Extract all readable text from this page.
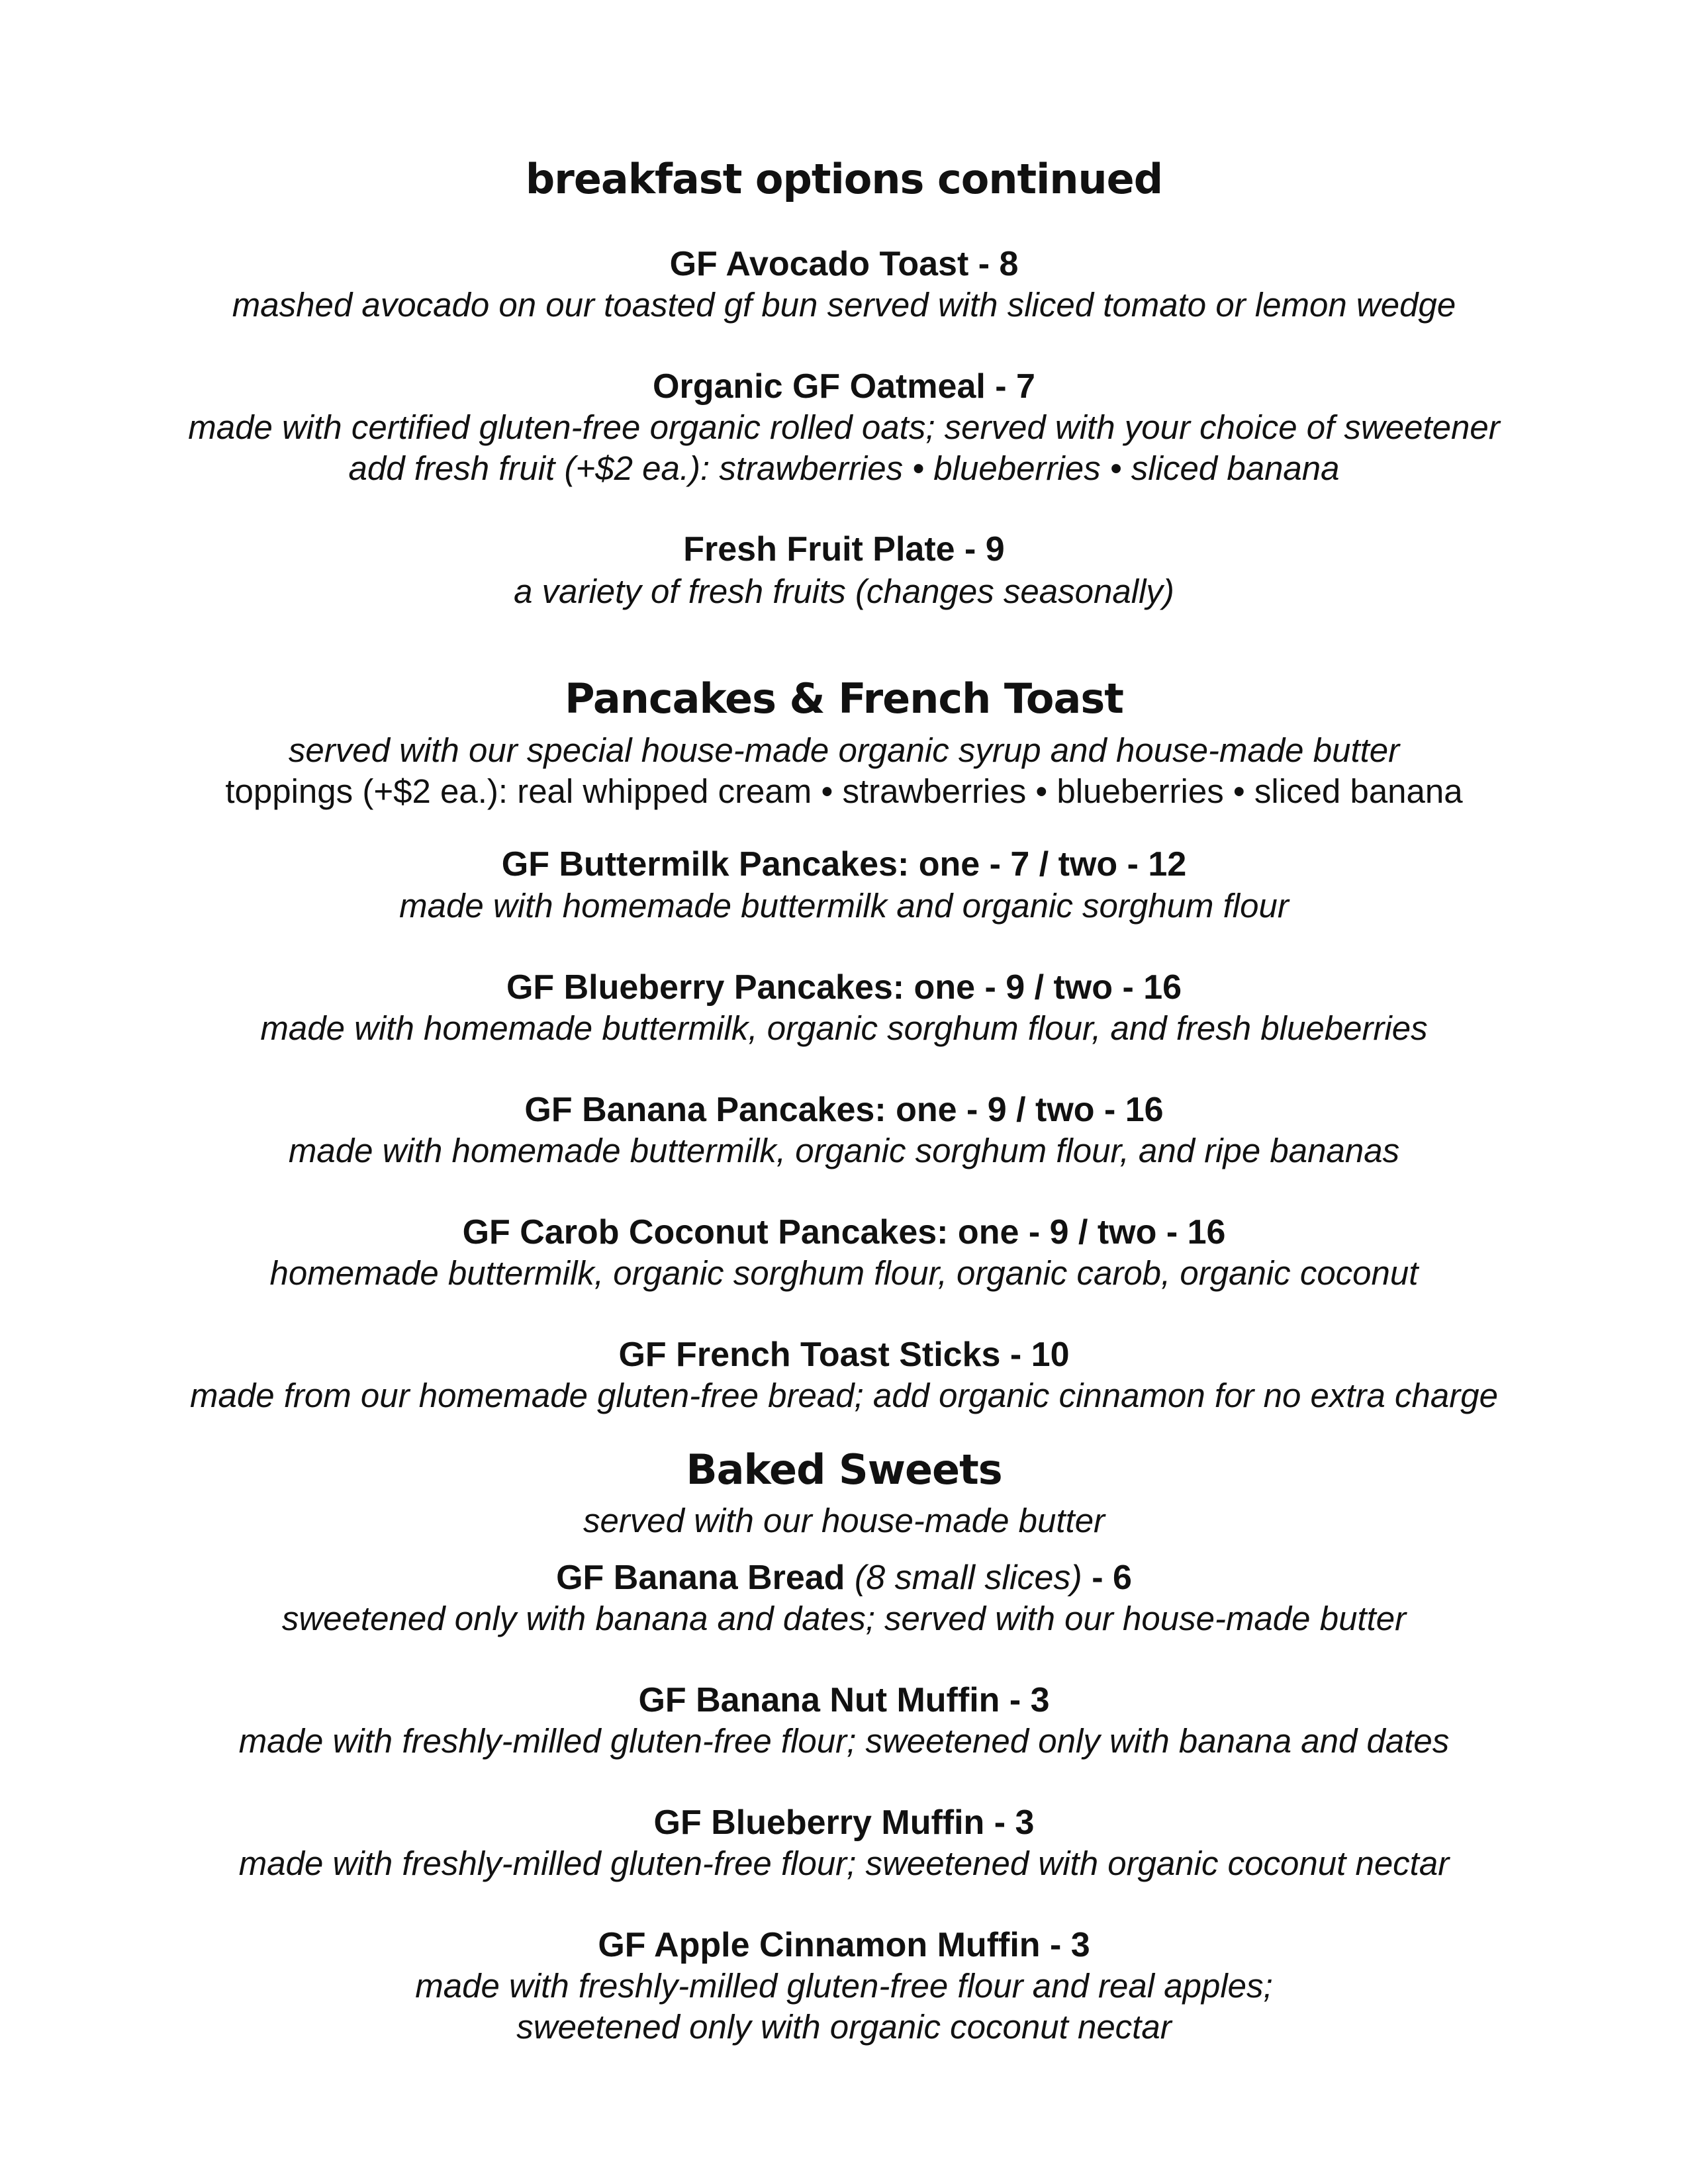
breakfast options continued
GF Avocado Toast - 8
mashed avocado on our toasted gf bun served with sliced tomato or lemon wedge
Organic GF Oatmeal - 7
made with certified gluten-free organic rolled oats; served with your choice of sweetener
add fresh fruit (+$2 ea.): strawberries • blueberries • sliced banana
Fresh Fruit Plate - 9
a variety of fresh fruits (changes seasonally)
Pancakes & French Toast
served with our special house-made organic syrup and house-made butter
toppings (+$2 ea.): real whipped cream • strawberries • blueberries • sliced banana
GF Buttermilk Pancakes: one - 7 / two - 12
made with homemade buttermilk and organic sorghum flour
GF Blueberry Pancakes: one - 9 / two - 16
made with homemade buttermilk, organic sorghum flour, and fresh blueberries
GF Banana Pancakes: one - 9 / two - 16
made with homemade buttermilk, organic sorghum flour, and ripe bananas
GF Carob Coconut Pancakes: one - 9 / two - 16
homemade buttermilk, organic sorghum flour, organic carob, organic coconut
GF French Toast Sticks - 10
made from our homemade gluten-free bread; add organic cinnamon for no extra charge
Baked Sweets
served with our house-made butter
GF Banana Bread (8 small slices) - 6
sweetened only with banana and dates; served with our house-made butter
GF Banana Nut Muffin - 3
made with freshly-milled gluten-free flour; sweetened only with banana and dates
GF Blueberry Muffin - 3
made with freshly-milled gluten-free flour; sweetened with organic coconut nectar
GF Apple Cinnamon Muffin - 3
made with freshly-milled gluten-free flour and real apples;
sweetened only with organic coconut nectar
